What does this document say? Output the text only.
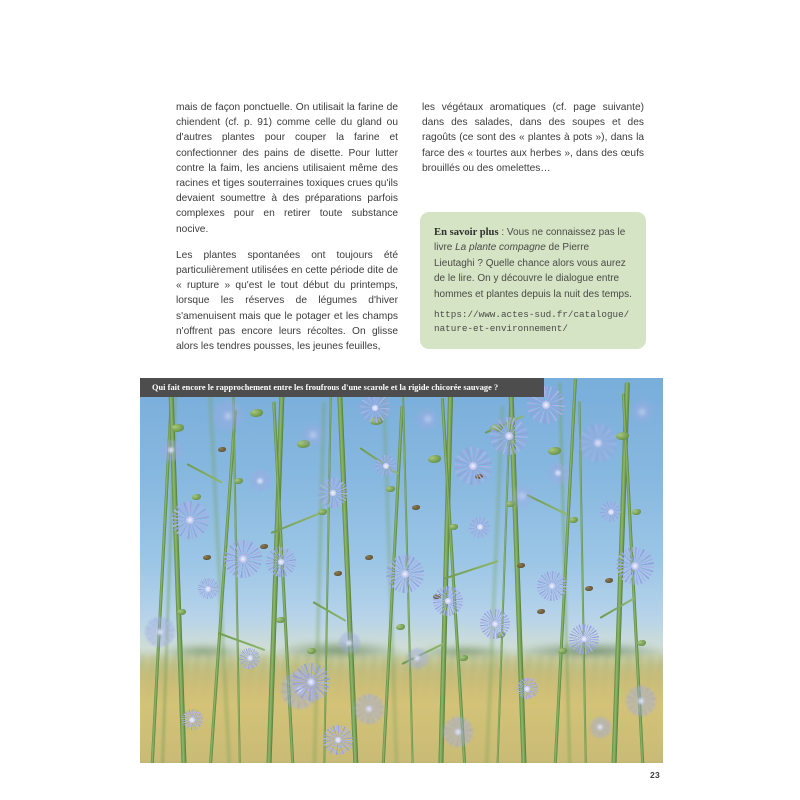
mais de façon ponctuelle. On utilisait la farine de chiendent (cf. p. 91) comme celle du gland ou d'autres plantes pour couper la farine et confectionner des pains de disette. Pour lutter contre la faim, les anciens utilisaient même des racines et tiges souterraines toxiques crues qu'ils devaient soumettre à des préparations parfois complexes pour en retirer toute substance nocive.

Les plantes spontanées ont toujours été particulièrement utilisées en cette période dite de « rupture » qu'est le tout début du printemps, lorsque les réserves de légumes d'hiver s'amenuisent mais que le potager et les champs n'offrent pas encore leurs récoltes. On glisse alors les tendres pousses, les jeunes feuilles,

les végétaux aromatiques (cf. page suivante) dans des salades, dans des soupes et des ragoûts (ce sont des « plantes à pots »), dans la farce des « tourtes aux herbes », dans des œufs brouillés ou des omelettes…

En savoir plus : Vous ne connaissez pas le livre La plante compagne de Pierre Lieutaghi ? Quelle chance alors vous aurez de le lire. On y découvre le dialogue entre hommes et plantes depuis la nuit des temps.

https://www.actes-sud.fr/catalogue/nature-et-environnement/

Qui fait encore le rapprochement entre les froufrous d'une scarole et la rigide chicorée sauvage ?
23
